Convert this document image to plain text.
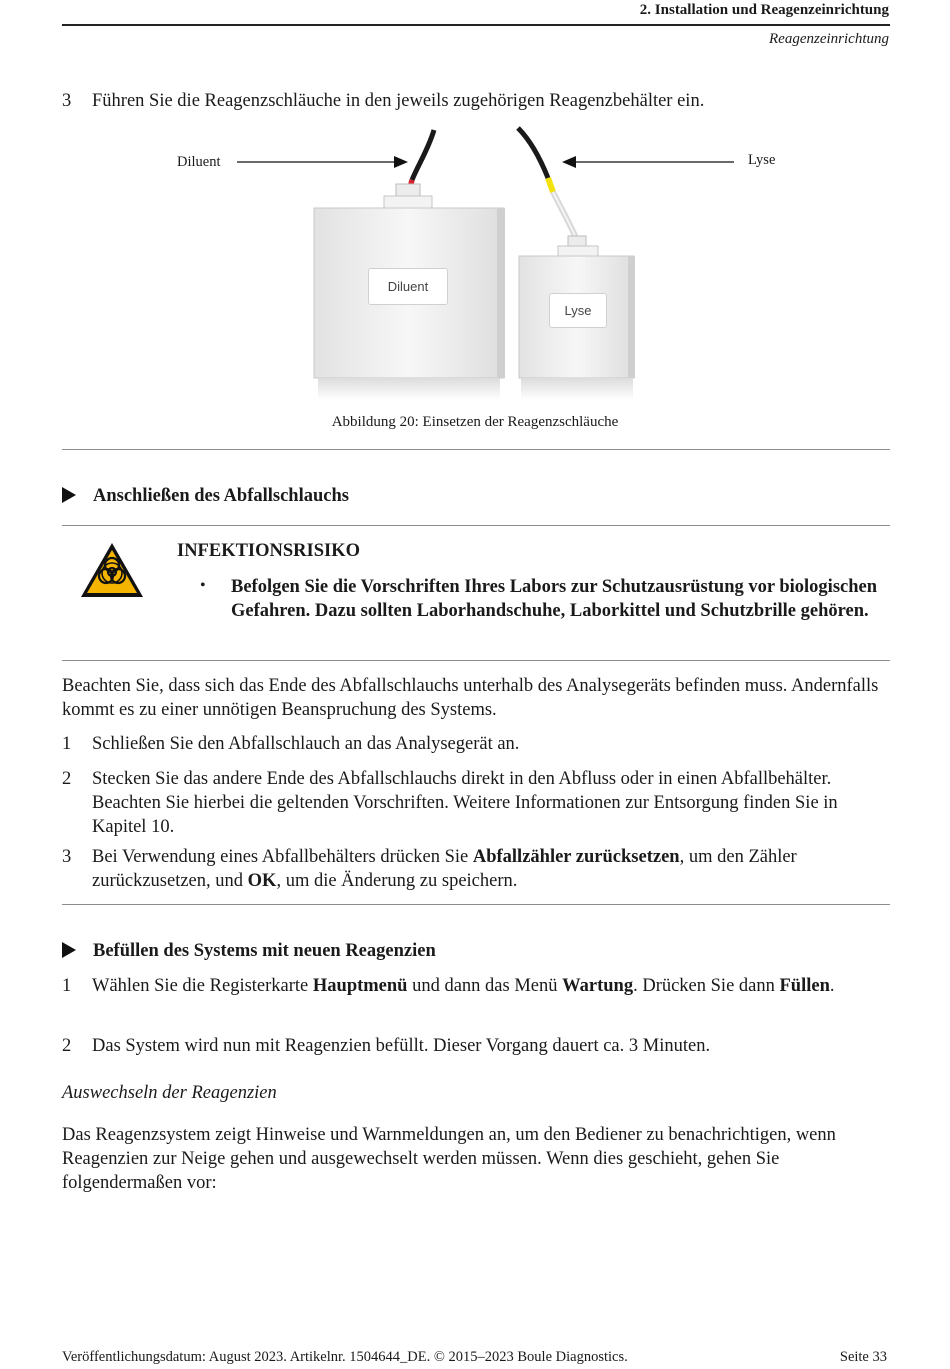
2. Installation und Reagenzeinrichtung
Reagenzeinrichtung
3 Führen Sie die Reagenzschläuche in den jeweils zugehörigen Reagenzbehälter ein.
Diluent	Lyse
Diluent
Lyse
Abbildung 20: Einsetzen der Reagenzschläuche
Anschließen des Abfallschlauchs
INFEKTIONSRISIKO
• Befolgen Sie die Vorschriften Ihres Labors zur Schutzausrüstung vor biologischen Gefahren. Dazu sollten Laborhandschuhe, Laborkittel und Schutzbrille gehören.
Beachten Sie, dass sich das Ende des Abfallschlauchs unterhalb des Analysegeräts befinden muss. Andernfalls kommt es zu einer unnötigen Beanspruchung des Systems.
1 Schließen Sie den Abfallschlauch an das Analysegerät an.
2 Stecken Sie das andere Ende des Abfallschlauchs direkt in den Abfluss oder in einen Abfallbehälter. Beachten Sie hierbei die geltenden Vorschriften. Weitere Informationen zur Entsorgung finden Sie in Kapitel 10.
3 Bei Verwendung eines Abfallbehälters drücken Sie Abfallzähler zurücksetzen, um den Zähler zurückzusetzen, und OK, um die Änderung zu speichern.
Befüllen des Systems mit neuen Reagenzien
1 Wählen Sie die Registerkarte Hauptmenü und dann das Menü Wartung. Drücken Sie dann Füllen.
2 Das System wird nun mit Reagenzien befüllt. Dieser Vorgang dauert ca. 3 Minuten.
Auswechseln der Reagenzien
Das Reagenzsystem zeigt Hinweise und Warnmeldungen an, um den Bediener zu benachrichtigen, wenn Reagenzien zur Neige gehen und ausgewechselt werden müssen. Wenn dies geschieht, gehen Sie folgendermaßen vor:
Veröffentlichungsdatum: August 2023. Artikelnr. 1504644_DE. © 2015–2023 Boule Diagnostics.	Seite 33
